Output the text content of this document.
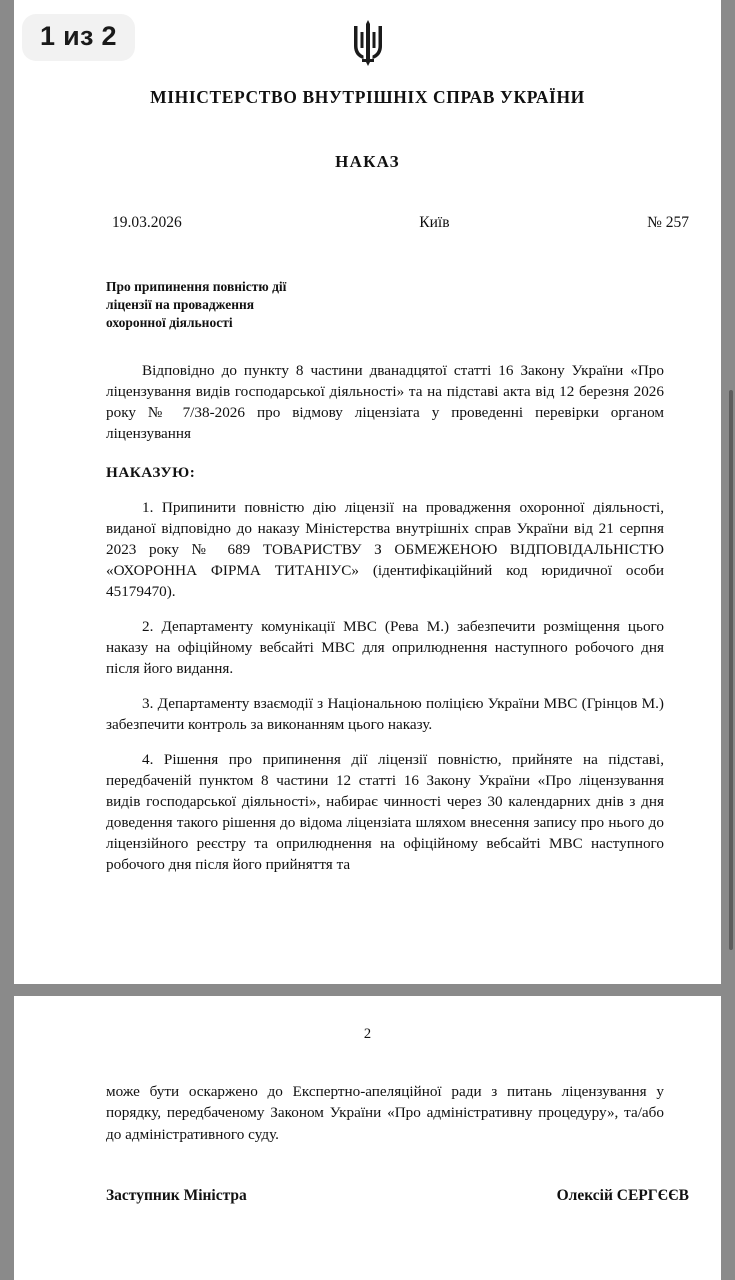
1 из 2
МІНІСТЕРСТВО ВНУТРІШНІХ СПРАВ УКРАЇНИ
НАКАЗ
19.03.2026	Київ	№ 257
Про припинення повністю дії
ліцензії на провадження
охоронної діяльності

Відповідно до пункту 8 частини дванадцятої статті 16 Закону України «Про ліцензування видів господарської діяльності» та на підставі акта від 12 березня 2026 року № 7/38-2026 про відмову ліцензіата у проведенні перевірки органом ліцензування

НАКАЗУЮ:

1. Припинити повністю дію ліцензії на провадження охоронної діяльності, виданої відповідно до наказу Міністерства внутрішніх справ України від 21 серпня 2023 року № 689 ТОВАРИСТВУ З ОБМЕЖЕНОЮ ВІДПОВІДАЛЬНІСТЮ «ОХОРОННА ФІРМА ТИТАНІУС» (ідентифікаційний код юридичної особи 45179470).

2. Департаменту комунікації МВС (Рева М.) забезпечити розміщення цього наказу на офіційному вебсайті МВС для оприлюднення наступного робочого дня після його видання.

3. Департаменту взаємодії з Національною поліцією України МВС (Грінцов М.) забезпечити контроль за виконанням цього наказу.

4. Рішення про припинення дії ліцензії повністю, прийняте на підставі, передбаченій пунктом 8 частини 12 статті 16 Закону України «Про ліцензування видів господарської діяльності», набирає чинності через 30 календарних днів з дня доведення такого рішення до відома ліцензіата шляхом внесення запису про нього до ліцензійного реєстру та оприлюднення на офіційному вебсайті МВС наступного робочого дня після його прийняття та

2
може бути оскаржено до Експертно-апеляційної ради з питань ліцензування у порядку, передбаченому Законом України «Про адміністративну процедуру», та/або до адміністративного суду.
Заступник Міністра	Олексій СЕРГЄЄВ
